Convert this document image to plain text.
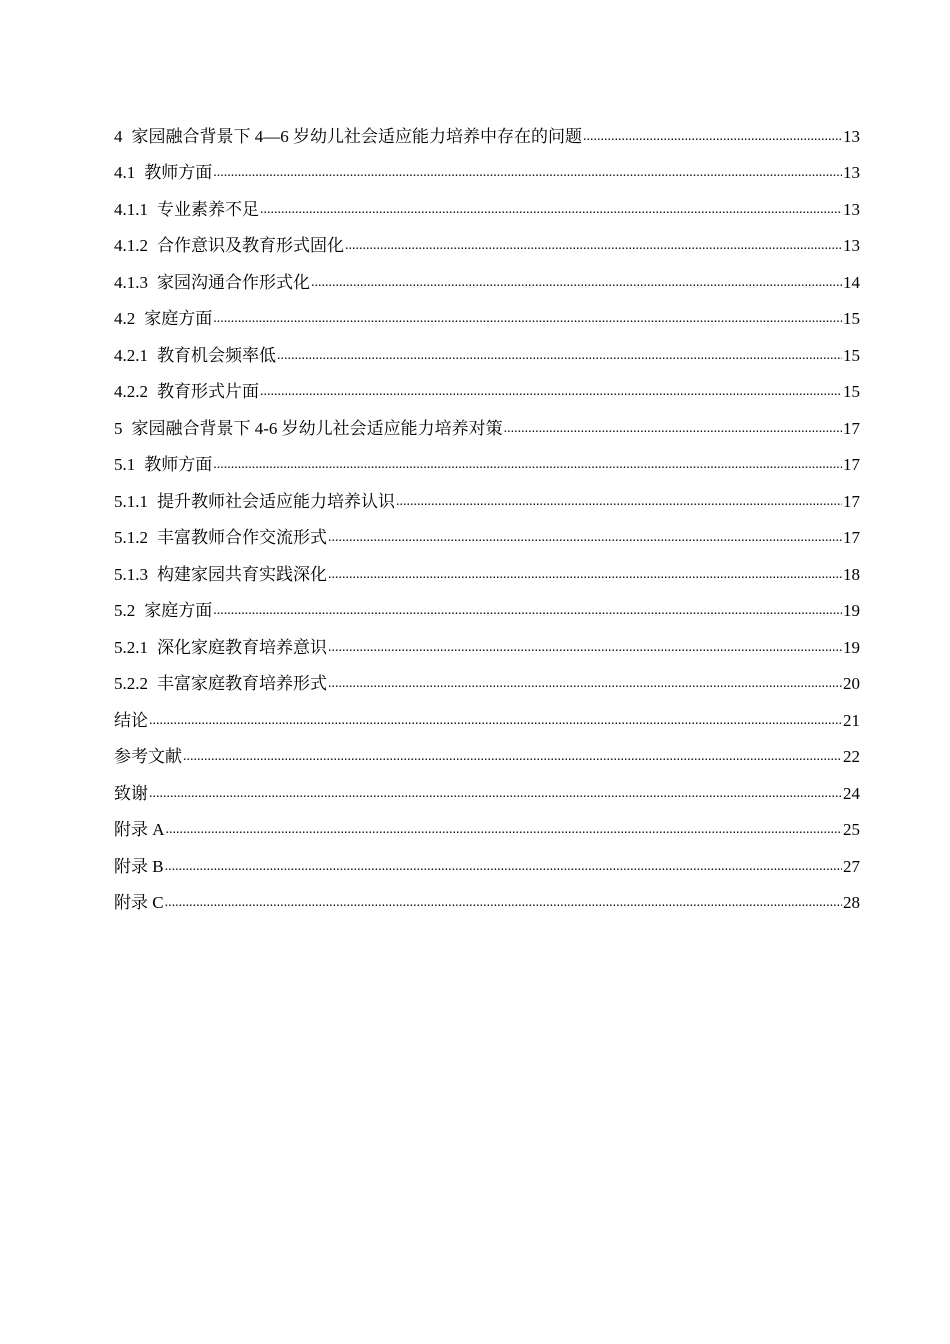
4 家园融合背景下 4—6 岁幼儿社会适应能力培养中存在的问题 .....	13
4.1 教师方面 .....	13
4.1.1 专业素养不足 .....	13
4.1.2 合作意识及教育形式固化 .....	13
4.1.3 家园沟通合作形式化 .....	14
4.2 家庭方面 .....	15
4.2.1 教育机会频率低 .....	15
4.2.2 教育形式片面 .....	15
5 家园融合背景下 4-6 岁幼儿社会适应能力培养对策 .....	17
5.1 教师方面 .....	17
5.1.1 提升教师社会适应能力培养认识 .....	17
5.1.2 丰富教师合作交流形式 .....	17
5.1.3 构建家园共育实践深化 .....	18
5.2 家庭方面 .....	19
5.2.1 深化家庭教育培养意识 .....	19
5.2.2 丰富家庭教育培养形式 .....	20
结论 .....	21
参考文献 .....	22
致谢 .....	24
附录 A .....	25
附录 B .....	27
附录 C .....	28
